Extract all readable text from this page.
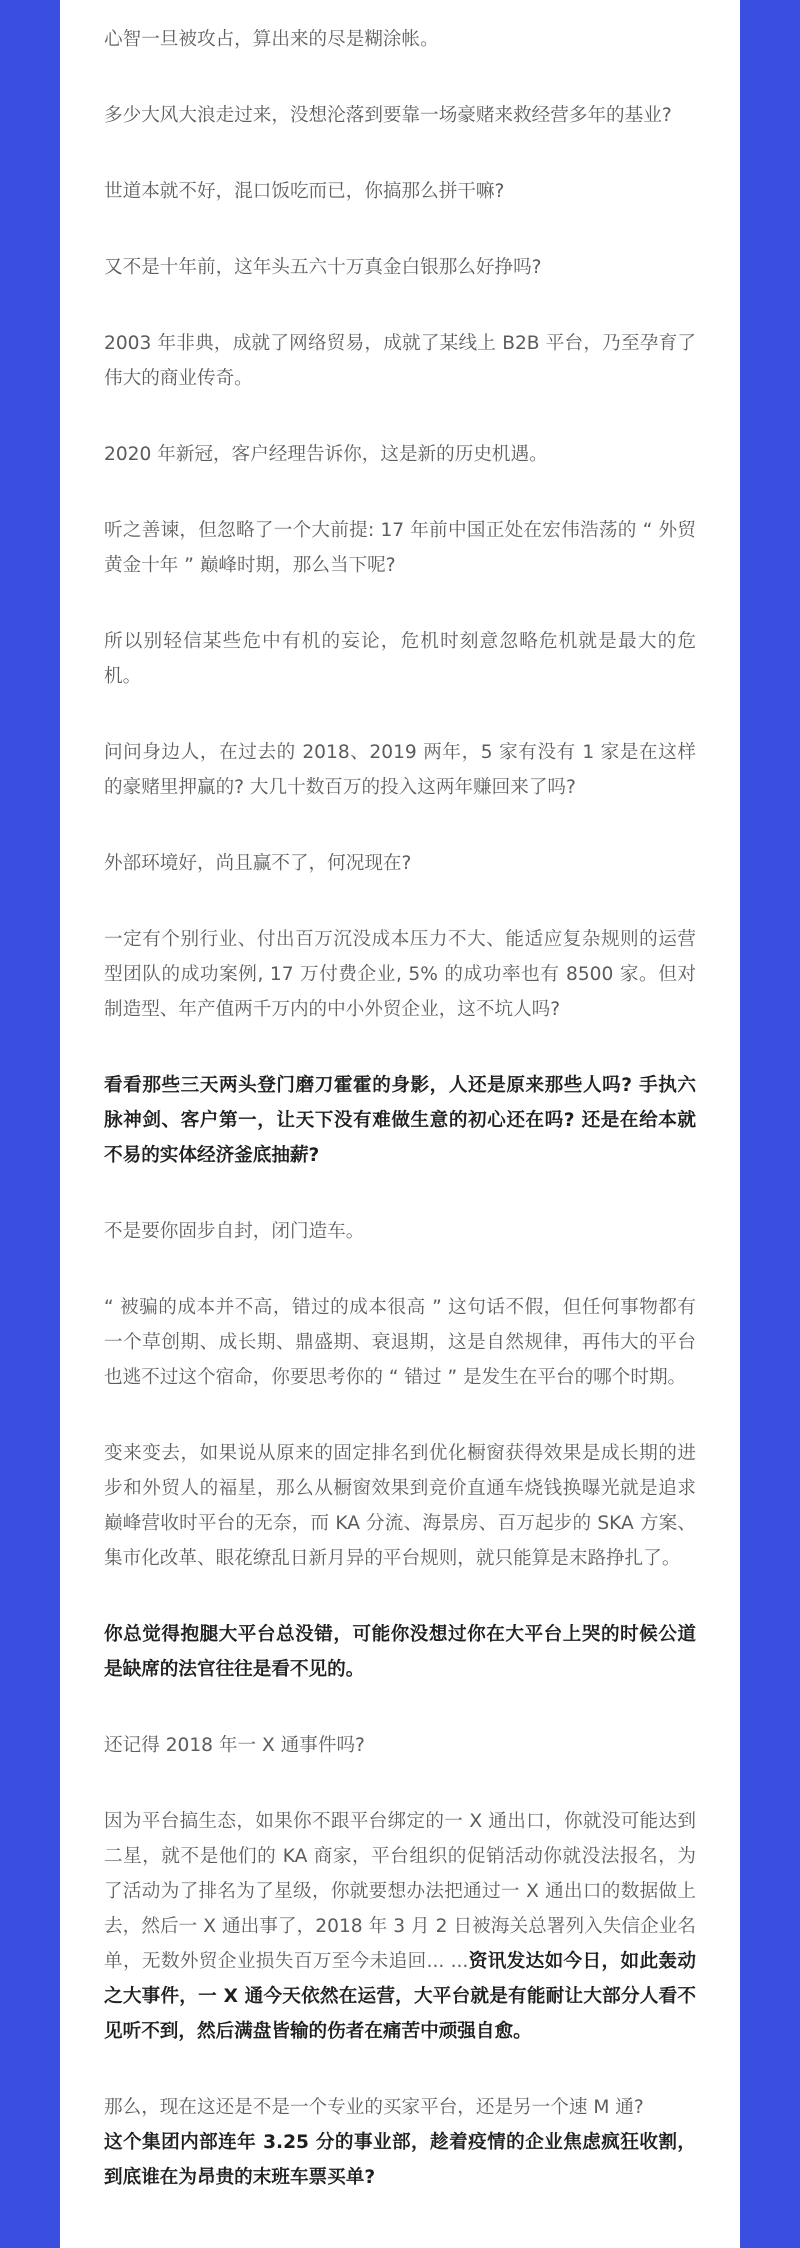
心智一旦被攻占，算出来的尽是糊涂帐。

多少大风大浪走过来，没想沦落到要靠一场豪赌来救经营多年的基业?

世道本就不好，混口饭吃而已，你搞那么拼干嘛?

又不是十年前，这年头五六十万真金白银那么好挣吗?

2003 年非典，成就了网络贸易，成就了某线上 B2B 平台，乃至孕育了伟大的商业传奇。

2020 年新冠，客户经理告诉你，这是新的历史机遇。

听之善谏，但忽略了一个大前提: 17 年前中国正处在宏伟浩荡的 “ 外贸黄金十年 ” 巅峰时期，那么当下呢?

所以别轻信某些危中有机的妄论，危机时刻意忽略危机就是最大的危机。

问问身边人，在过去的 2018、2019 两年，5 家有没有 1 家是在这样的豪赌里押赢的? 大几十数百万的投入这两年赚回来了吗?

外部环境好，尚且赢不了，何况现在?

一定有个别行业、付出百万沉没成本压力不大、能适应复杂规则的运营型团队的成功案例, 17 万付费企业, 5% 的成功率也有 8500 家。但对制造型、年产值两千万内的中小外贸企业，这不坑人吗?

看看那些三天两头登门磨刀霍霍的身影，人还是原来那些人吗? 手执六脉神剑、客户第一，让天下没有难做生意的初心还在吗? 还是在给本就不易的实体经济釜底抽薪?

不是要你固步自封，闭门造车。

“ 被骗的成本并不高，错过的成本很高 ” 这句话不假，但任何事物都有一个草创期、成长期、鼎盛期、衰退期，这是自然规律，再伟大的平台也逃不过这个宿命，你要思考你的 “ 错过 ” 是发生在平台的哪个时期。

变来变去，如果说从原来的固定排名到优化橱窗获得效果是成长期的进步和外贸人的福星，那么从橱窗效果到竞价直通车烧钱换曝光就是追求巅峰营收时平台的无奈，而 KA 分流、海景房、百万起步的 SKA 方案、集市化改革、眼花缭乱日新月异的平台规则，就只能算是末路挣扎了。

你总觉得抱腿大平台总没错，可能你没想过你在大平台上哭的时候公道是缺席的法官往往是看不见的。

还记得 2018 年一 X 通事件吗?

因为平台搞生态，如果你不跟平台绑定的一 X 通出口，你就没可能达到二星，就不是他们的 KA 商家，平台组织的促销活动你就没法报名，为了活动为了排名为了星级，你就要想办法把通过一 X 通出口的数据做上去，然后一 X 通出事了，2018 年 3 月 2 日被海关总署列入失信企业名单，无数外贸企业损失百万至今未追回... ...资讯发达如今日，如此轰动之大事件，一 X 通今天依然在运营，大平台就是有能耐让大部分人看不见听不到，然后满盘皆输的伤者在痛苦中顽强自愈。

那么，现在这还是不是一个专业的买家平台，还是另一个速 M 通?
这个集团内部连年 3.25 分的事业部，趁着疫情的企业焦虑疯狂收割，到底谁在为昂贵的末班车票买单?
